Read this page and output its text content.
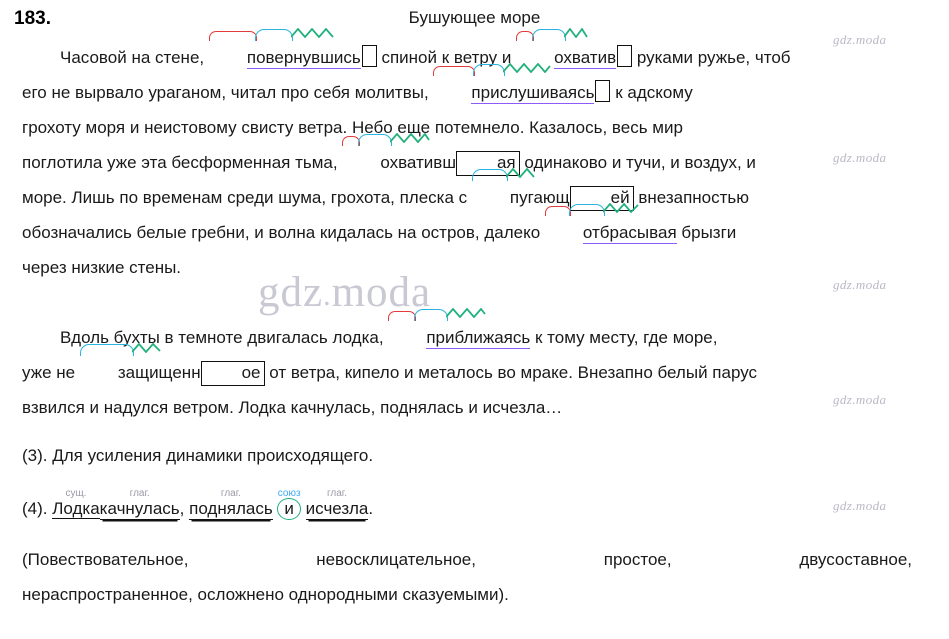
183.	Бушующее море
gdz.moda
gdz.moda
gdz.moda
gdz.moda
gdz.moda
gdz.moda

Часовой на стене,	повернувшись спиной к ветру и	охватив руками ружье, чтоб
его не вырвало ураганом, читал про себя молитвы,	прислушиваясь к адскому
грохоту моря и неистовому свисту ветра. Небо еще потемнело. Казалось, весь мир
поглотила уже эта бесформенная тьма,	охвативш ая одинаково и тучи, и воздух, и
море. Лишь по временам среди шума, грохота, плеска с	пугающ ей внезапностью
обозначались белые гребни, и волна кидалась на остров, далеко	отбрасывая брызги
через низкие стены.

Вдоль бухты в темноте двигалась лодка,	приближаясь к тому месту, где море,
уже не	защищенн ое от ветра, кипело и металось во мраке. Внезапно белый парус
взвился и надулся ветром. Лодка качнулась, поднялась и исчезла…

(3). Для усиления динамики происходящего.

(4).
сущ.
Лодка
глаг.
качнулась,
глаг.
поднялась
союз
и
глаг.
исчезла.

(Повествовательное,	невосклицательное,	простое,	двусоставное,
нераспространенное, осложнено однородными сказуемыми).
